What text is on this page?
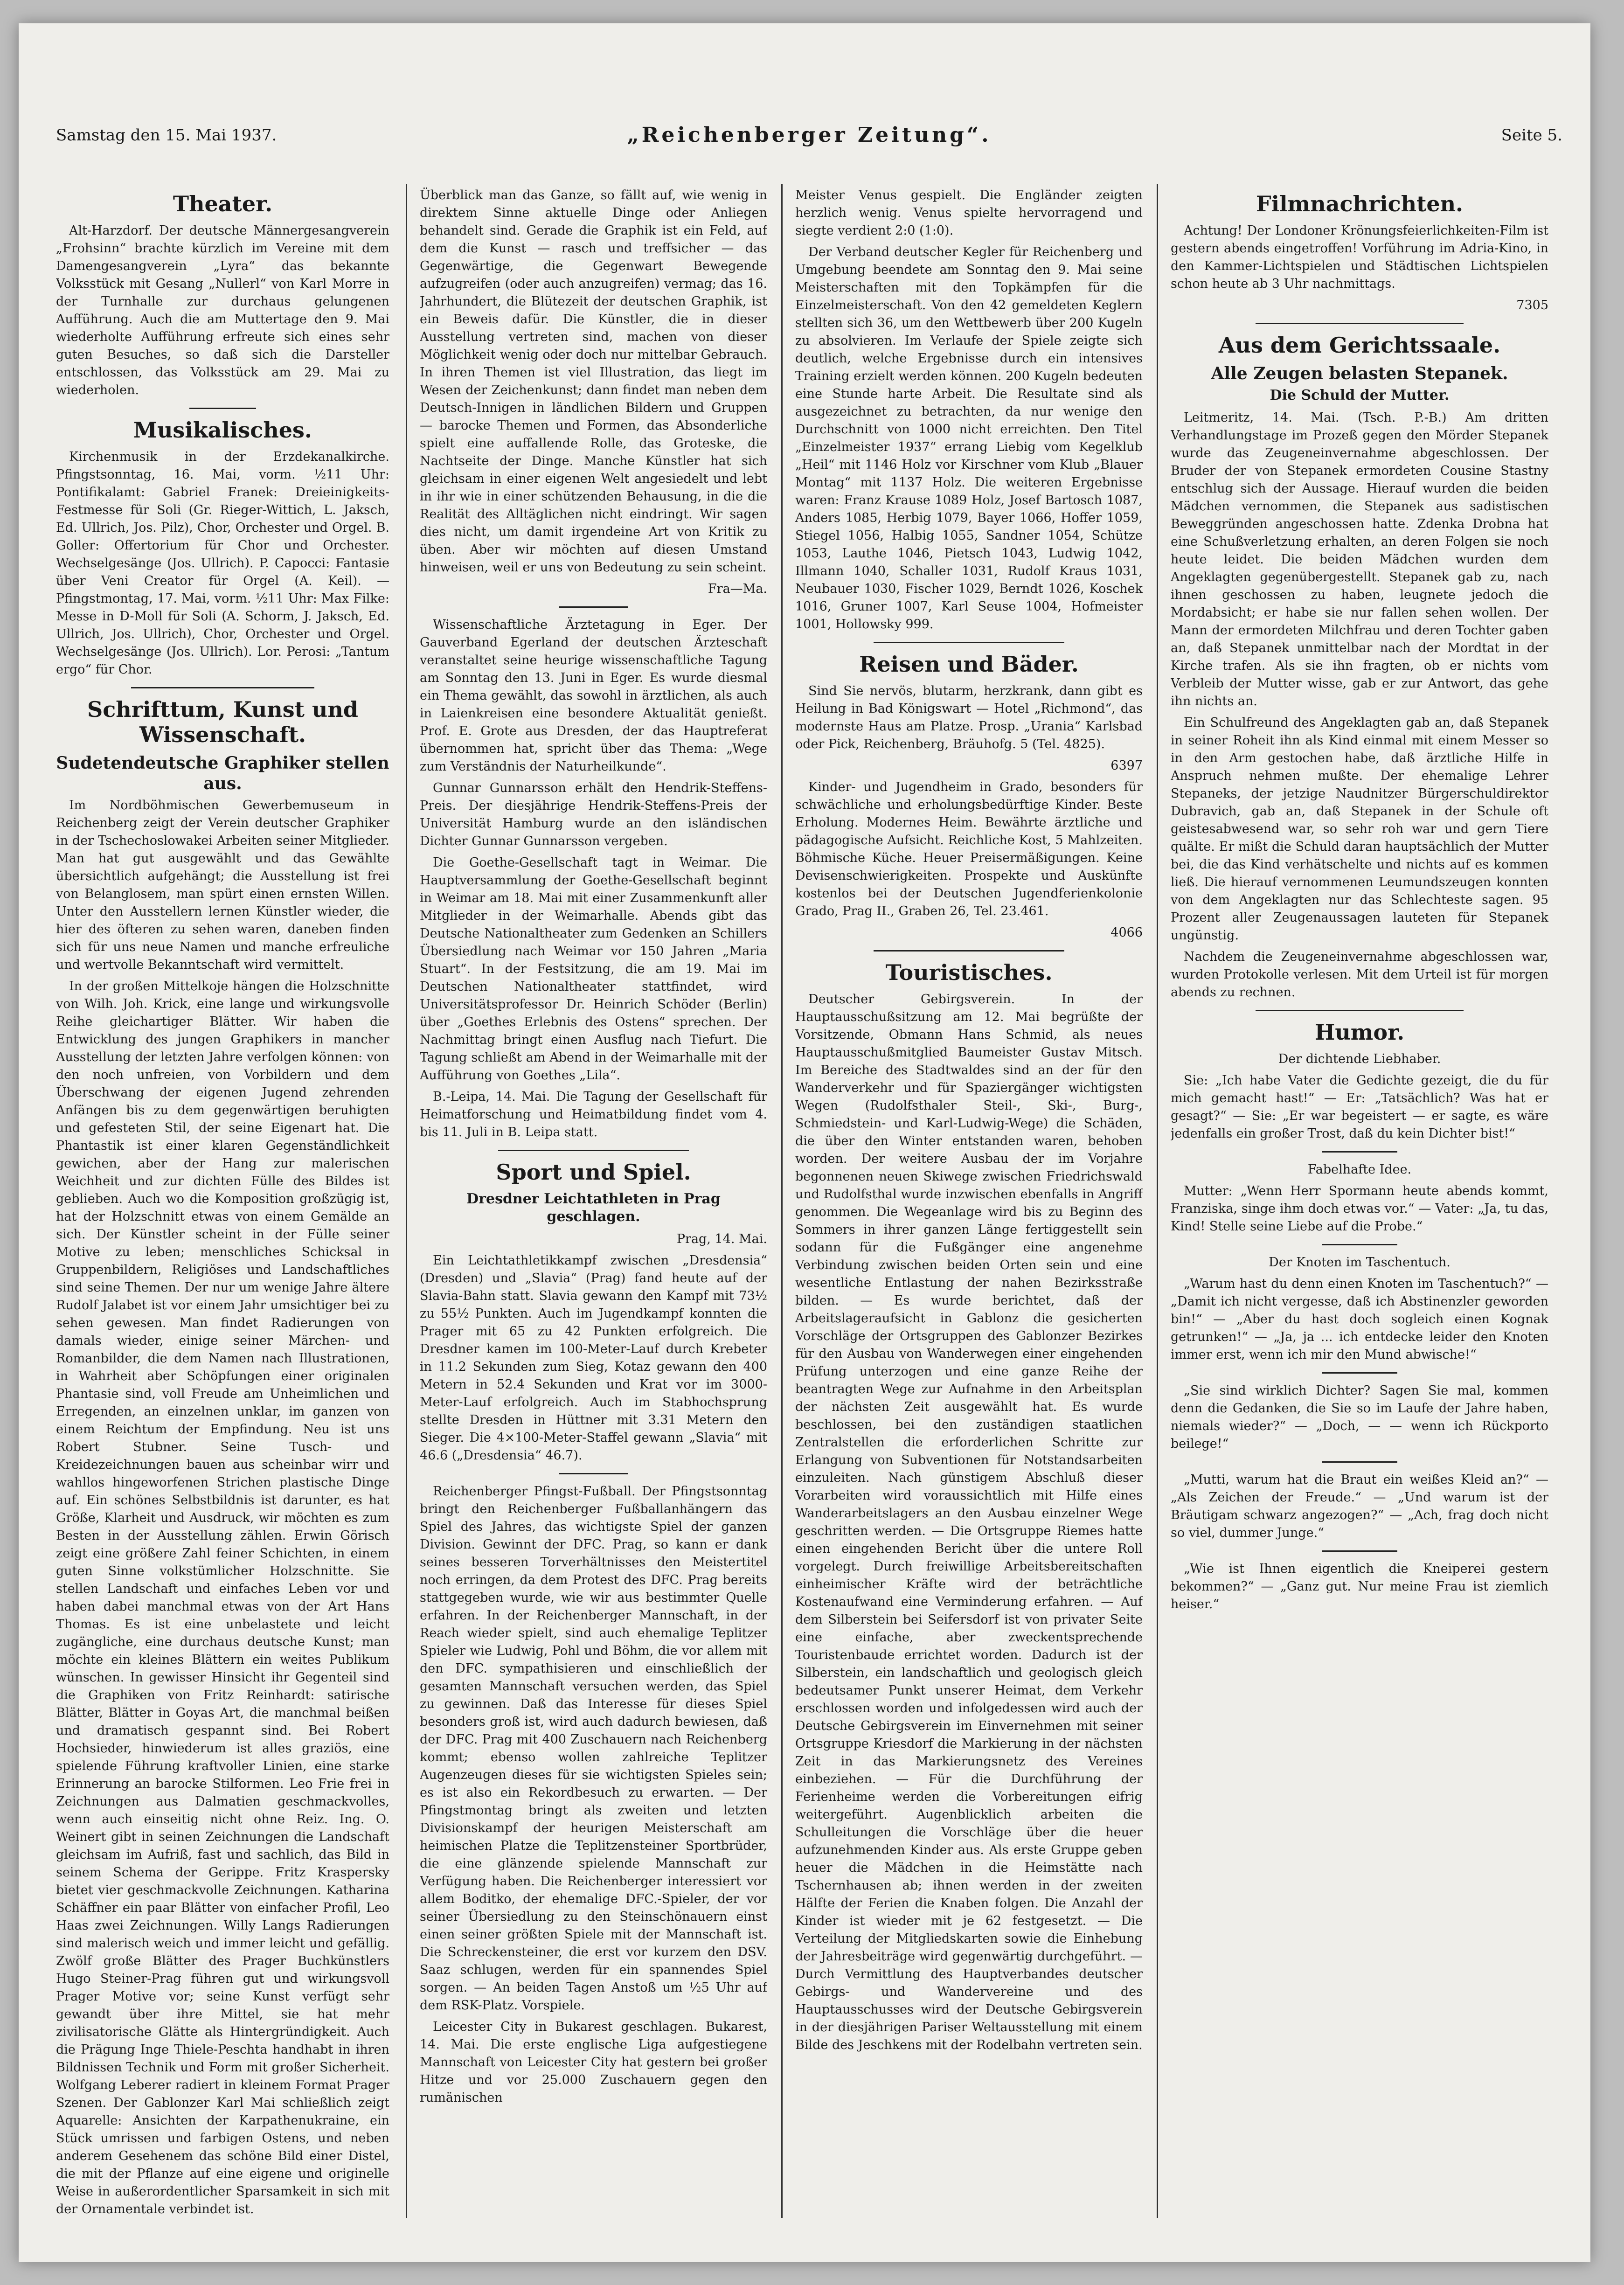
Samstag den 15. Mai 1937.	„Reichenberger Zeitung“.	Seite 5.
Theater.

Alt-Harzdorf. Der deutsche Männergesangverein „Frohsinn“ brachte kürzlich im Vereine mit dem Damengesangverein „Lyra“ das bekannte Volksstück mit Gesang „Nullerl“ von Karl Morre in der Turnhalle zur durchaus gelungenen Aufführung. Auch die am Muttertage den 9. Mai wiederholte Aufführung erfreute sich eines sehr guten Besuches, so daß sich die Darsteller entschlossen, das Volksstück am 29. Mai zu wiederholen.

Musikalisches.

Kirchenmusik in der Erzdekanalkirche. Pfingstsonntag, 16. Mai, vorm. ½11 Uhr: Pontifikalamt: Gabriel Franek: Dreieinigkeits-Festmesse für Soli (Gr. Rieger-Wittich, L. Jaksch, Ed. Ullrich, Jos. Pilz), Chor, Orchester und Orgel. B. Goller: Offertorium für Chor und Orchester. Wechselgesänge (Jos. Ullrich). P. Capocci: Fantasie über Veni Creator für Orgel (A. Keil). — Pfingstmontag, 17. Mai, vorm. ½11 Uhr: Max Filke: Messe in D-Moll für Soli (A. Schorm, J. Jaksch, Ed. Ullrich, Jos. Ullrich), Chor, Orchester und Orgel. Wechselgesänge (Jos. Ullrich). Lor. Perosi: „Tantum ergo“ für Chor.

Schrifttum, Kunst und Wissenschaft.
Sudetendeutsche Graphiker stellen aus.

Im Nordböhmischen Gewerbemuseum in Reichenberg zeigt der Verein deutscher Graphiker in der Tschechoslowakei Arbeiten seiner Mitglieder. Man hat gut ausgewählt und das Gewählte übersichtlich aufgehängt; die Ausstellung ist frei von Belanglosem, man spürt einen ernsten Willen. Unter den Ausstellern lernen Künstler wieder, die hier des öfteren zu sehen waren, daneben finden sich für uns neue Namen und manche erfreuliche und wertvolle Bekanntschaft wird vermittelt.

In der großen Mittelkoje hängen die Holzschnitte von Wilh. Joh. Krick, eine lange und wirkungsvolle Reihe gleichartiger Blätter. Wir haben die Entwicklung des jungen Graphikers in mancher Ausstellung der letzten Jahre verfolgen können: von den noch unfreien, von Vorbildern und dem Überschwang der eigenen Jugend zehrenden Anfängen bis zu dem gegenwärtigen beruhigten und gefesteten Stil, der seine Eigenart hat. Die Phantastik ist einer klaren Gegenständlichkeit gewichen, aber der Hang zur malerischen Weichheit und zur dichten Fülle des Bildes ist geblieben. Auch wo die Komposition großzügig ist, hat der Holzschnitt etwas von einem Gemälde an sich. Der Künstler scheint in der Fülle seiner Motive zu leben; menschliches Schicksal in Gruppenbildern, Religiöses und Landschaftliches sind seine Themen. Der nur um wenige Jahre ältere Rudolf Jalabet ist vor einem Jahr umsichtiger bei zu sehen gewesen. Man findet Radierungen von damals wieder, einige seiner Märchen- und Romanbilder, die dem Namen nach Illustrationen, in Wahrheit aber Schöpfungen einer originalen Phantasie sind, voll Freude am Unheimlichen und Erregenden, an einzelnen unklar, im ganzen von einem Reichtum der Empfindung. Neu ist uns Robert Stubner. Seine Tusch- und Kreidezeichnungen bauen aus scheinbar wirr und wahllos hingeworfenen Strichen plastische Dinge auf. Ein schönes Selbstbildnis ist darunter, es hat Größe, Klarheit und Ausdruck, wir möchten es zum Besten in der Ausstellung zählen. Erwin Görisch zeigt eine größere Zahl feiner Schichten, in einem guten Sinne volkstümlicher Holzschnitte. Sie stellen Landschaft und einfaches Leben vor und haben dabei manchmal etwas von der Art Hans Thomas. Es ist eine unbelastete und leicht zugängliche, eine durchaus deutsche Kunst; man möchte ein kleines Blättern ein weites Publikum wünschen. In gewisser Hinsicht ihr Gegenteil sind die Graphiken von Fritz Reinhardt: satirische Blätter, Blätter in Goyas Art, die manchmal beißen und dramatisch gespannt sind. Bei Robert Hochsieder, hinwiederum ist alles graziös, eine spielende Führung kraftvoller Linien, eine starke Erinnerung an barocke Stilformen. Leo Frie frei in Zeichnungen aus Dalmatien geschmackvolles, wenn auch einseitig nicht ohne Reiz. Ing. O. Weinert gibt in seinen Zeichnungen die Landschaft gleichsam im Aufriß, fast und sachlich, das Bild in seinem Schema der Gerippe. Fritz Kraspersky bietet vier geschmackvolle Zeichnungen. Katharina Schäffner ein paar Blätter von einfacher Profil, Leo Haas zwei Zeichnungen. Willy Langs Radierungen sind malerisch weich und immer leicht und gefällig. Zwölf große Blätter des Prager Buchkünstlers Hugo Steiner-Prag führen gut und wirkungsvoll Prager Motive vor; seine Kunst verfügt sehr gewandt über ihre Mittel, sie hat mehr zivilisatorische Glätte als Hintergründigkeit. Auch die Prägung Inge Thiele-Peschta handhabt in ihren Bildnissen Technik und Form mit großer Sicherheit. Wolfgang Leberer radiert in kleinem Format Prager Szenen. Der Gablonzer Karl Mai schließlich zeigt Aquarelle: Ansichten der Karpathenukraine, ein Stück umrissen und farbigen Ostens, und neben anderem Gesehenem das schöne Bild einer Distel, die mit der Pflanze auf eine eigene und originelle Weise in außerordentlicher Sparsamkeit in sich mit der Ornamentale verbindet ist.

Überblick man das Ganze, so fällt auf, wie wenig in direktem Sinne aktuelle Dinge oder Anliegen behandelt sind. Gerade die Graphik ist ein Feld, auf dem die Kunst — rasch und treffsicher — das Gegenwärtige, die Gegenwart Bewegende aufzugreifen (oder auch anzugreifen) vermag; das 16. Jahrhundert, die Blütezeit der deutschen Graphik, ist ein Beweis dafür. Die Künstler, die in dieser Ausstellung vertreten sind, machen von dieser Möglichkeit wenig oder doch nur mittelbar Gebrauch. In ihren Themen ist viel Illustration, das liegt im Wesen der Zeichenkunst; dann findet man neben dem Deutsch-Innigen in ländlichen Bildern und Gruppen — barocke Themen und Formen, das Absonderliche spielt eine auffallende Rolle, das Groteske, die Nachtseite der Dinge. Manche Künstler hat sich gleichsam in einer eigenen Welt angesiedelt und lebt in ihr wie in einer schützenden Behausung, in die die Realität des Alltäglichen nicht eindringt. Wir sagen dies nicht, um damit irgendeine Art von Kritik zu üben. Aber wir möchten auf diesen Umstand hinweisen, weil er uns von Bedeutung zu sein scheint.

Fra—Ma.

Wissenschaftliche Ärztetagung in Eger. Der Gauverband Egerland der deutschen Ärzteschaft veranstaltet seine heurige wissenschaftliche Tagung am Sonntag den 13. Juni in Eger. Es wurde diesmal ein Thema gewählt, das sowohl in ärztlichen, als auch in Laienkreisen eine besondere Aktualität genießt. Prof. E. Grote aus Dresden, der das Hauptreferat übernommen hat, spricht über das Thema: „Wege zum Verständnis der Naturheilkunde“.

Gunnar Gunnarsson erhält den Hendrik-Steffens-Preis. Der diesjährige Hendrik-Steffens-Preis der Universität Hamburg wurde an den isländischen Dichter Gunnar Gunnarsson vergeben.

Die Goethe-Gesellschaft tagt in Weimar. Die Hauptversammlung der Goethe-Gesellschaft beginnt in Weimar am 18. Mai mit einer Zusammenkunft aller Mitglieder in der Weimarhalle. Abends gibt das Deutsche Nationaltheater zum Gedenken an Schillers Übersiedlung nach Weimar vor 150 Jahren „Maria Stuart“. In der Festsitzung, die am 19. Mai im Deutschen Nationaltheater stattfindet, wird Universitätsprofessor Dr. Heinrich Schöder (Berlin) über „Goethes Erlebnis des Ostens“ sprechen. Der Nachmittag bringt einen Ausflug nach Tiefurt. Die Tagung schließt am Abend in der Weimarhalle mit der Aufführung von Goethes „Lila“.

B.-Leipa, 14. Mai. Die Tagung der Gesellschaft für Heimatforschung und Heimatbildung findet vom 4. bis 11. Juli in B. Leipa statt.

Sport und Spiel.
Dresdner Leichtathleten in Prag geschlagen.

Prag, 14. Mai.

Ein Leichtathletikkampf zwischen „Dresdensia“ (Dresden) und „Slavia“ (Prag) fand heute auf der Slavia-Bahn statt. Slavia gewann den Kampf mit 73½ zu 55½ Punkten. Auch im Jugendkampf konnten die Prager mit 65 zu 42 Punkten erfolgreich. Die Dresdner kamen im 100-Meter-Lauf durch Krebeter in 11.2 Sekunden zum Sieg, Kotaz gewann den 400 Metern in 52.4 Sekunden und Krat vor im 3000-Meter-Lauf erfolgreich. Auch im Stabhochsprung stellte Dresden in Hüttner mit 3.31 Metern den Sieger. Die 4×100-Meter-Staffel gewann „Slavia“ mit 46.6 („Dresdensia“ 46.7).

Reichenberger Pfingst-Fußball. Der Pfingstsonntag bringt den Reichenberger Fußballanhängern das Spiel des Jahres, das wichtigste Spiel der ganzen Division. Gewinnt der DFC. Prag, so kann er dank seines besseren Torverhältnisses den Meistertitel noch erringen, da dem Protest des DFC. Prag bereits stattgegeben wurde, wie wir aus bestimmter Quelle erfahren. In der Reichenberger Mannschaft, in der Reach wieder spielt, sind auch ehemalige Teplitzer Spieler wie Ludwig, Pohl und Böhm, die vor allem mit den DFC. sympathisieren und einschließlich der gesamten Mannschaft versuchen werden, das Spiel zu gewinnen. Daß das Interesse für dieses Spiel besonders groß ist, wird auch dadurch bewiesen, daß der DFC. Prag mit 400 Zuschauern nach Reichenberg kommt; ebenso wollen zahlreiche Teplitzer Augenzeugen dieses für sie wichtigsten Spieles sein; es ist also ein Rekordbesuch zu erwarten. — Der Pfingstmontag bringt als zweiten und letzten Divisionskampf der heurigen Meisterschaft am heimischen Platze die Teplitzensteiner Sportbrüder, die eine glänzende spielende Mannschaft zur Verfügung haben. Die Reichenberger interessiert vor allem Boditko, der ehemalige DFC.-Spieler, der vor seiner Übersiedlung zu den Steinschönauern einst einen seiner größten Spiele mit der Mannschaft ist. Die Schreckensteiner, die erst vor kurzem den DSV. Saaz schlugen, werden für ein spannendes Spiel sorgen. — An beiden Tagen Anstoß um ½5 Uhr auf dem RSK-Platz. Vorspiele.

Leicester City in Bukarest geschlagen. Bukarest, 14. Mai. Die erste englische Liga aufgestiegene Mannschaft von Leicester City hat gestern bei großer Hitze und vor 25.000 Zuschauern gegen den rumänischen

Meister Venus gespielt. Die Engländer zeigten herzlich wenig. Venus spielte hervorragend und siegte verdient 2:0 (1:0).

Der Verband deutscher Kegler für Reichenberg und Umgebung beendete am Sonntag den 9. Mai seine Meisterschaften mit den Topkämpfen für die Einzelmeisterschaft. Von den 42 gemeldeten Keglern stellten sich 36, um den Wettbewerb über 200 Kugeln zu absolvieren. Im Verlaufe der Spiele zeigte sich deutlich, welche Ergebnisse durch ein intensives Training erzielt werden können. 200 Kugeln bedeuten eine Stunde harte Arbeit. Die Resultate sind als ausgezeichnet zu betrachten, da nur wenige den Durchschnitt von 1000 nicht erreichten. Den Titel „Einzelmeister 1937“ errang Liebig vom Kegelklub „Heil“ mit 1146 Holz vor Kirschner vom Klub „Blauer Montag“ mit 1137 Holz. Die weiteren Ergebnisse waren: Franz Krause 1089 Holz, Josef Bartosch 1087, Anders 1085, Herbig 1079, Bayer 1066, Hoffer 1059, Stiegel 1056, Halbig 1055, Sandner 1054, Schütze 1053, Lauthe 1046, Pietsch 1043, Ludwig 1042, Illmann 1040, Schaller 1031, Rudolf Kraus 1031, Neubauer 1030, Fischer 1029, Berndt 1026, Koschek 1016, Gruner 1007, Karl Seuse 1004, Hofmeister 1001, Hollowsky 999.

Reisen und Bäder.

Sind Sie nervös, blutarm, herzkrank, dann gibt es Heilung in Bad Königswart — Hotel „Richmond“, das modernste Haus am Platze. Prosp. „Urania“ Karlsbad oder Pick, Reichenberg, Bräuhofg. 5 (Tel. 4825).

6397

Kinder- und Jugendheim in Grado, besonders für schwächliche und erholungsbedürftige Kinder. Beste Erholung. Modernes Heim. Bewährte ärztliche und pädagogische Aufsicht. Reichliche Kost, 5 Mahlzeiten. Böhmische Küche. Heuer Preisermäßigungen. Keine Devisenschwierigkeiten. Prospekte und Auskünfte kostenlos bei der Deutschen Jugendferienkolonie Grado, Prag II., Graben 26, Tel. 23.461.

4066

Touristisches.

Deutscher Gebirgsverein. In der Hauptausschußsitzung am 12. Mai begrüßte der Vorsitzende, Obmann Hans Schmid, als neues Hauptausschußmitglied Baumeister Gustav Mitsch. Im Bereiche des Stadtwaldes sind an der für den Wanderverkehr und für Spaziergänger wichtigsten Wegen (Rudolfsthaler Steil-, Ski-, Burg-, Schmiedstein- und Karl-Ludwig-Wege) die Schäden, die über den Winter entstanden waren, behoben worden. Der weitere Ausbau der im Vorjahre begonnenen neuen Skiwege zwischen Friedrichswald und Rudolfsthal wurde inzwischen ebenfalls in Angriff genommen. Die Wegeanlage wird bis zu Beginn des Sommers in ihrer ganzen Länge fertiggestellt sein sodann für die Fußgänger eine angenehme Verbindung zwischen beiden Orten sein und eine wesentliche Entlastung der nahen Bezirksstraße bilden. — Es wurde berichtet, daß der Arbeitslageraufsicht in Gablonz die gesicherten Vorschläge der Ortsgruppen des Gablonzer Bezirkes für den Ausbau von Wanderwegen einer eingehenden Prüfung unterzogen und eine ganze Reihe der beantragten Wege zur Aufnahme in den Arbeitsplan der nächsten Zeit ausgewählt hat. Es wurde beschlossen, bei den zuständigen staatlichen Zentralstellen die erforderlichen Schritte zur Erlangung von Subventionen für Notstandsarbeiten einzuleiten. Nach günstigem Abschluß dieser Vorarbeiten wird voraussichtlich mit Hilfe eines Wanderarbeitslagers an den Ausbau einzelner Wege geschritten werden. — Die Ortsgruppe Riemes hatte einen eingehenden Bericht über die untere Roll vorgelegt. Durch freiwillige Arbeitsbereitschaften einheimischer Kräfte wird der beträchtliche Kostenaufwand eine Verminderung erfahren. — Auf dem Silberstein bei Seifersdorf ist von privater Seite eine einfache, aber zweckentsprechende Touristenbaude errichtet worden. Dadurch ist der Silberstein, ein landschaftlich und geologisch gleich bedeutsamer Punkt unserer Heimat, dem Verkehr erschlossen worden und infolgedessen wird auch der Deutsche Gebirgsverein im Einvernehmen mit seiner Ortsgruppe Kriesdorf die Markierung in der nächsten Zeit in das Markierungsnetz des Vereines einbeziehen. — Für die Durchführung der Ferienheime werden die Vorbereitungen eifrig weitergeführt. Augenblicklich arbeiten die Schulleitungen die Vorschläge über die heuer aufzunehmenden Kinder aus. Als erste Gruppe geben heuer die Mädchen in die Heimstätte nach Tschernhausen ab; ihnen werden in der zweiten Hälfte der Ferien die Knaben folgen. Die Anzahl der Kinder ist wieder mit je 62 festgesetzt. — Die Verteilung der Mitgliedskarten sowie die Einhebung der Jahresbeiträge wird gegenwärtig durchgeführt. — Durch Vermittlung des Hauptverbandes deutscher Gebirgs- und Wandervereine und des Hauptausschusses wird der Deutsche Gebirgsverein in der diesjährigen Pariser Weltausstellung mit einem Bilde des Jeschkens mit der Rodelbahn vertreten sein.

Filmnachrichten.

Achtung! Der Londoner Krönungsfeierlichkeiten-Film ist gestern abends eingetroffen! Vorführung im Adria-Kino, in den Kammer-Lichtspielen und Städtischen Lichtspielen schon heute ab 3 Uhr nachmittags.

7305

Aus dem Gerichtssaale.
Alle Zeugen belasten Stepanek.
Die Schuld der Mutter.

Leitmeritz, 14. Mai. (Tsch. P.-B.) Am dritten Verhandlungstage im Prozeß gegen den Mörder Stepanek wurde das Zeugeneinvernahme abgeschlossen. Der Bruder der von Stepanek ermordeten Cousine Stastny entschlug sich der Aussage. Hierauf wurden die beiden Mädchen vernommen, die Stepanek aus sadistischen Beweggründen angeschossen hatte. Zdenka Drobna hat eine Schußverletzung erhalten, an deren Folgen sie noch heute leidet. Die beiden Mädchen wurden dem Angeklagten gegenübergestellt. Stepanek gab zu, nach ihnen geschossen zu haben, leugnete jedoch die Mordabsicht; er habe sie nur fallen sehen wollen. Der Mann der ermordeten Milchfrau und deren Tochter gaben an, daß Stepanek unmittelbar nach der Mordtat in der Kirche trafen. Als sie ihn fragten, ob er nichts vom Verbleib der Mutter wisse, gab er zur Antwort, das gehe ihn nichts an.

Ein Schulfreund des Angeklagten gab an, daß Stepanek in seiner Roheit ihn als Kind einmal mit einem Messer so in den Arm gestochen habe, daß ärztliche Hilfe in Anspruch nehmen mußte. Der ehemalige Lehrer Stepaneks, der jetzige Naudnitzer Bürgerschuldirektor Dubravich, gab an, daß Stepanek in der Schule oft geistesabwesend war, so sehr roh war und gern Tiere quälte. Er mißt die Schuld daran hauptsächlich der Mutter bei, die das Kind verhätschelte und nichts auf es kommen ließ. Die hierauf vernommenen Leumundszeugen konnten von dem Angeklagten nur das Schlechteste sagen. 95 Prozent aller Zeugenaussagen lauteten für Stepanek ungünstig.

Nachdem die Zeugeneinvernahme abgeschlossen war, wurden Protokolle verlesen. Mit dem Urteil ist für morgen abends zu rechnen.

Humor.

Der dichtende Liebhaber.

Sie: „Ich habe Vater die Gedichte gezeigt, die du für mich gemacht hast!“ — Er: „Tatsächlich? Was hat er gesagt?“ — Sie: „Er war begeistert — er sagte, es wäre jedenfalls ein großer Trost, daß du kein Dichter bist!“

Fabelhafte Idee.

Mutter: „Wenn Herr Spormann heute abends kommt, Franziska, singe ihm doch etwas vor.“ — Vater: „Ja, tu das, Kind! Stelle seine Liebe auf die Probe.“

Der Knoten im Taschentuch.

„Warum hast du denn einen Knoten im Taschentuch?“ — „Damit ich nicht vergesse, daß ich Abstinenzler geworden bin!“ — „Aber du hast doch sogleich einen Kognak getrunken!“ — „Ja, ja ... ich entdecke leider den Knoten immer erst, wenn ich mir den Mund abwische!“

„Sie sind wirklich Dichter? Sagen Sie mal, kommen denn die Gedanken, die Sie so im Laufe der Jahre haben, niemals wieder?“ — „Doch, — — wenn ich Rückporto beilege!“

„Mutti, warum hat die Braut ein weißes Kleid an?“ — „Als Zeichen der Freude.“ — „Und warum ist der Bräutigam schwarz angezogen?“ — „Ach, frag doch nicht so viel, dummer Junge.“

„Wie ist Ihnen eigentlich die Kneiperei gestern bekommen?“ — „Ganz gut. Nur meine Frau ist ziemlich heiser.“
